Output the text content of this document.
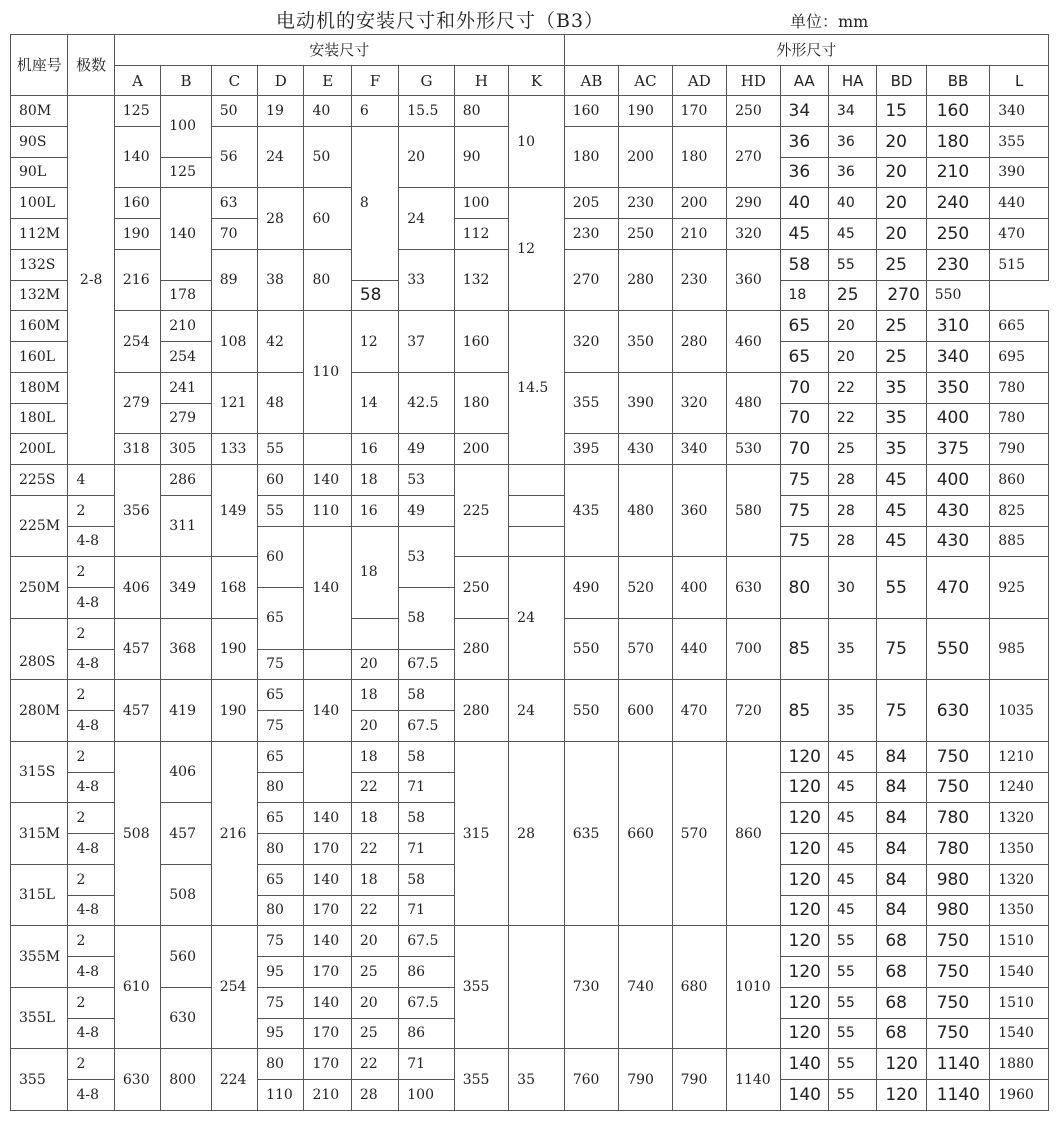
电动机的安装尺寸和外形尺寸（B3）	单位：mm
机座号	极数	安装尺寸									外形尺寸								
		A	B	C	D	E	F	G	H	K	AB	AC	AD	HD	AA	HA	BD	BB	L
80M	2-8	125	100	50	19	40	6	15.5	80	10	160	190	170	250	34	34	15	160	340
90S		140		56	24	50	8	20	90		180	200	180	270	36	36	20	180	355
90L			125												36	36	20	210	390
100L		160	140	63	28	60		24	100	12	205	230	200	290	40	40	20	240	440
112M		190		70					112		230	250	210	320	45	45	20	250	470
132S		216		89	38	80		33	132		270	280	230	360	58	55	25	230	515
132M			178				58								18	25	270	550	
160M		254	210	108	42	110	12	37	160	14.5	320	350	280	460	65	20	25	310	665
160L			254												65	20	25	340	695
180M		279	241	121	48		14	42.5	180		355	390	320	480	70	22	35	350	780
180L			279												70	22	35	400	780
200L		318	305	133	55		16	49	200		395	430	340	530	70	25	35	375	790
225S	4	356	286	149	60	140	18	53	225		435	480	360	580	75	28	45	400	860
225M	2		311		55	110	16	49							75	28	45	430	825
	4-8				60	140	18	53							75	28	45	430	885
250M	2	406	349	168					250	24	490	520	400	630	80	30	55	470	925
	4-8				65			58											
280S	2	457	368	190					280		550	570	440	700	85	35	75	550	985
	4-8				75		20	67.5											
280M	2	457	419	190	65	140	18	58	280	24	550	600	470	720	85	35	75	630	1035
	4-8				75		20	67.5											
315S	2	508	406	216	65		18	58	315	28	635	660	570	860	120	45	84	750	1210
	4-8				80		22	71							120	45	84	750	1240
315M	2		457		65	140	18	58							120	45	84	780	1320
	4-8				80	170	22	71							120	45	84	780	1350
315L	2		508		65	140	18	58							120	45	84	980	1320
	4-8				80	170	22	71							120	45	84	980	1350
355M	2	610	560	254	75	140	20	67.5	355		730	740	680	1010	120	55	68	750	1510
	4-8				95	170	25	86							120	55	68	750	1540
355L	2		630		75	140	20	67.5							120	55	68	750	1510
	4-8				95	170	25	86							120	55	68	750	1540
355	2	630	800	224	80	170	22	71	355	35	760	790	790	1140	140	55	120	1140	1880
	4-8				110	210	28	100							140	55	120	1140	1960
